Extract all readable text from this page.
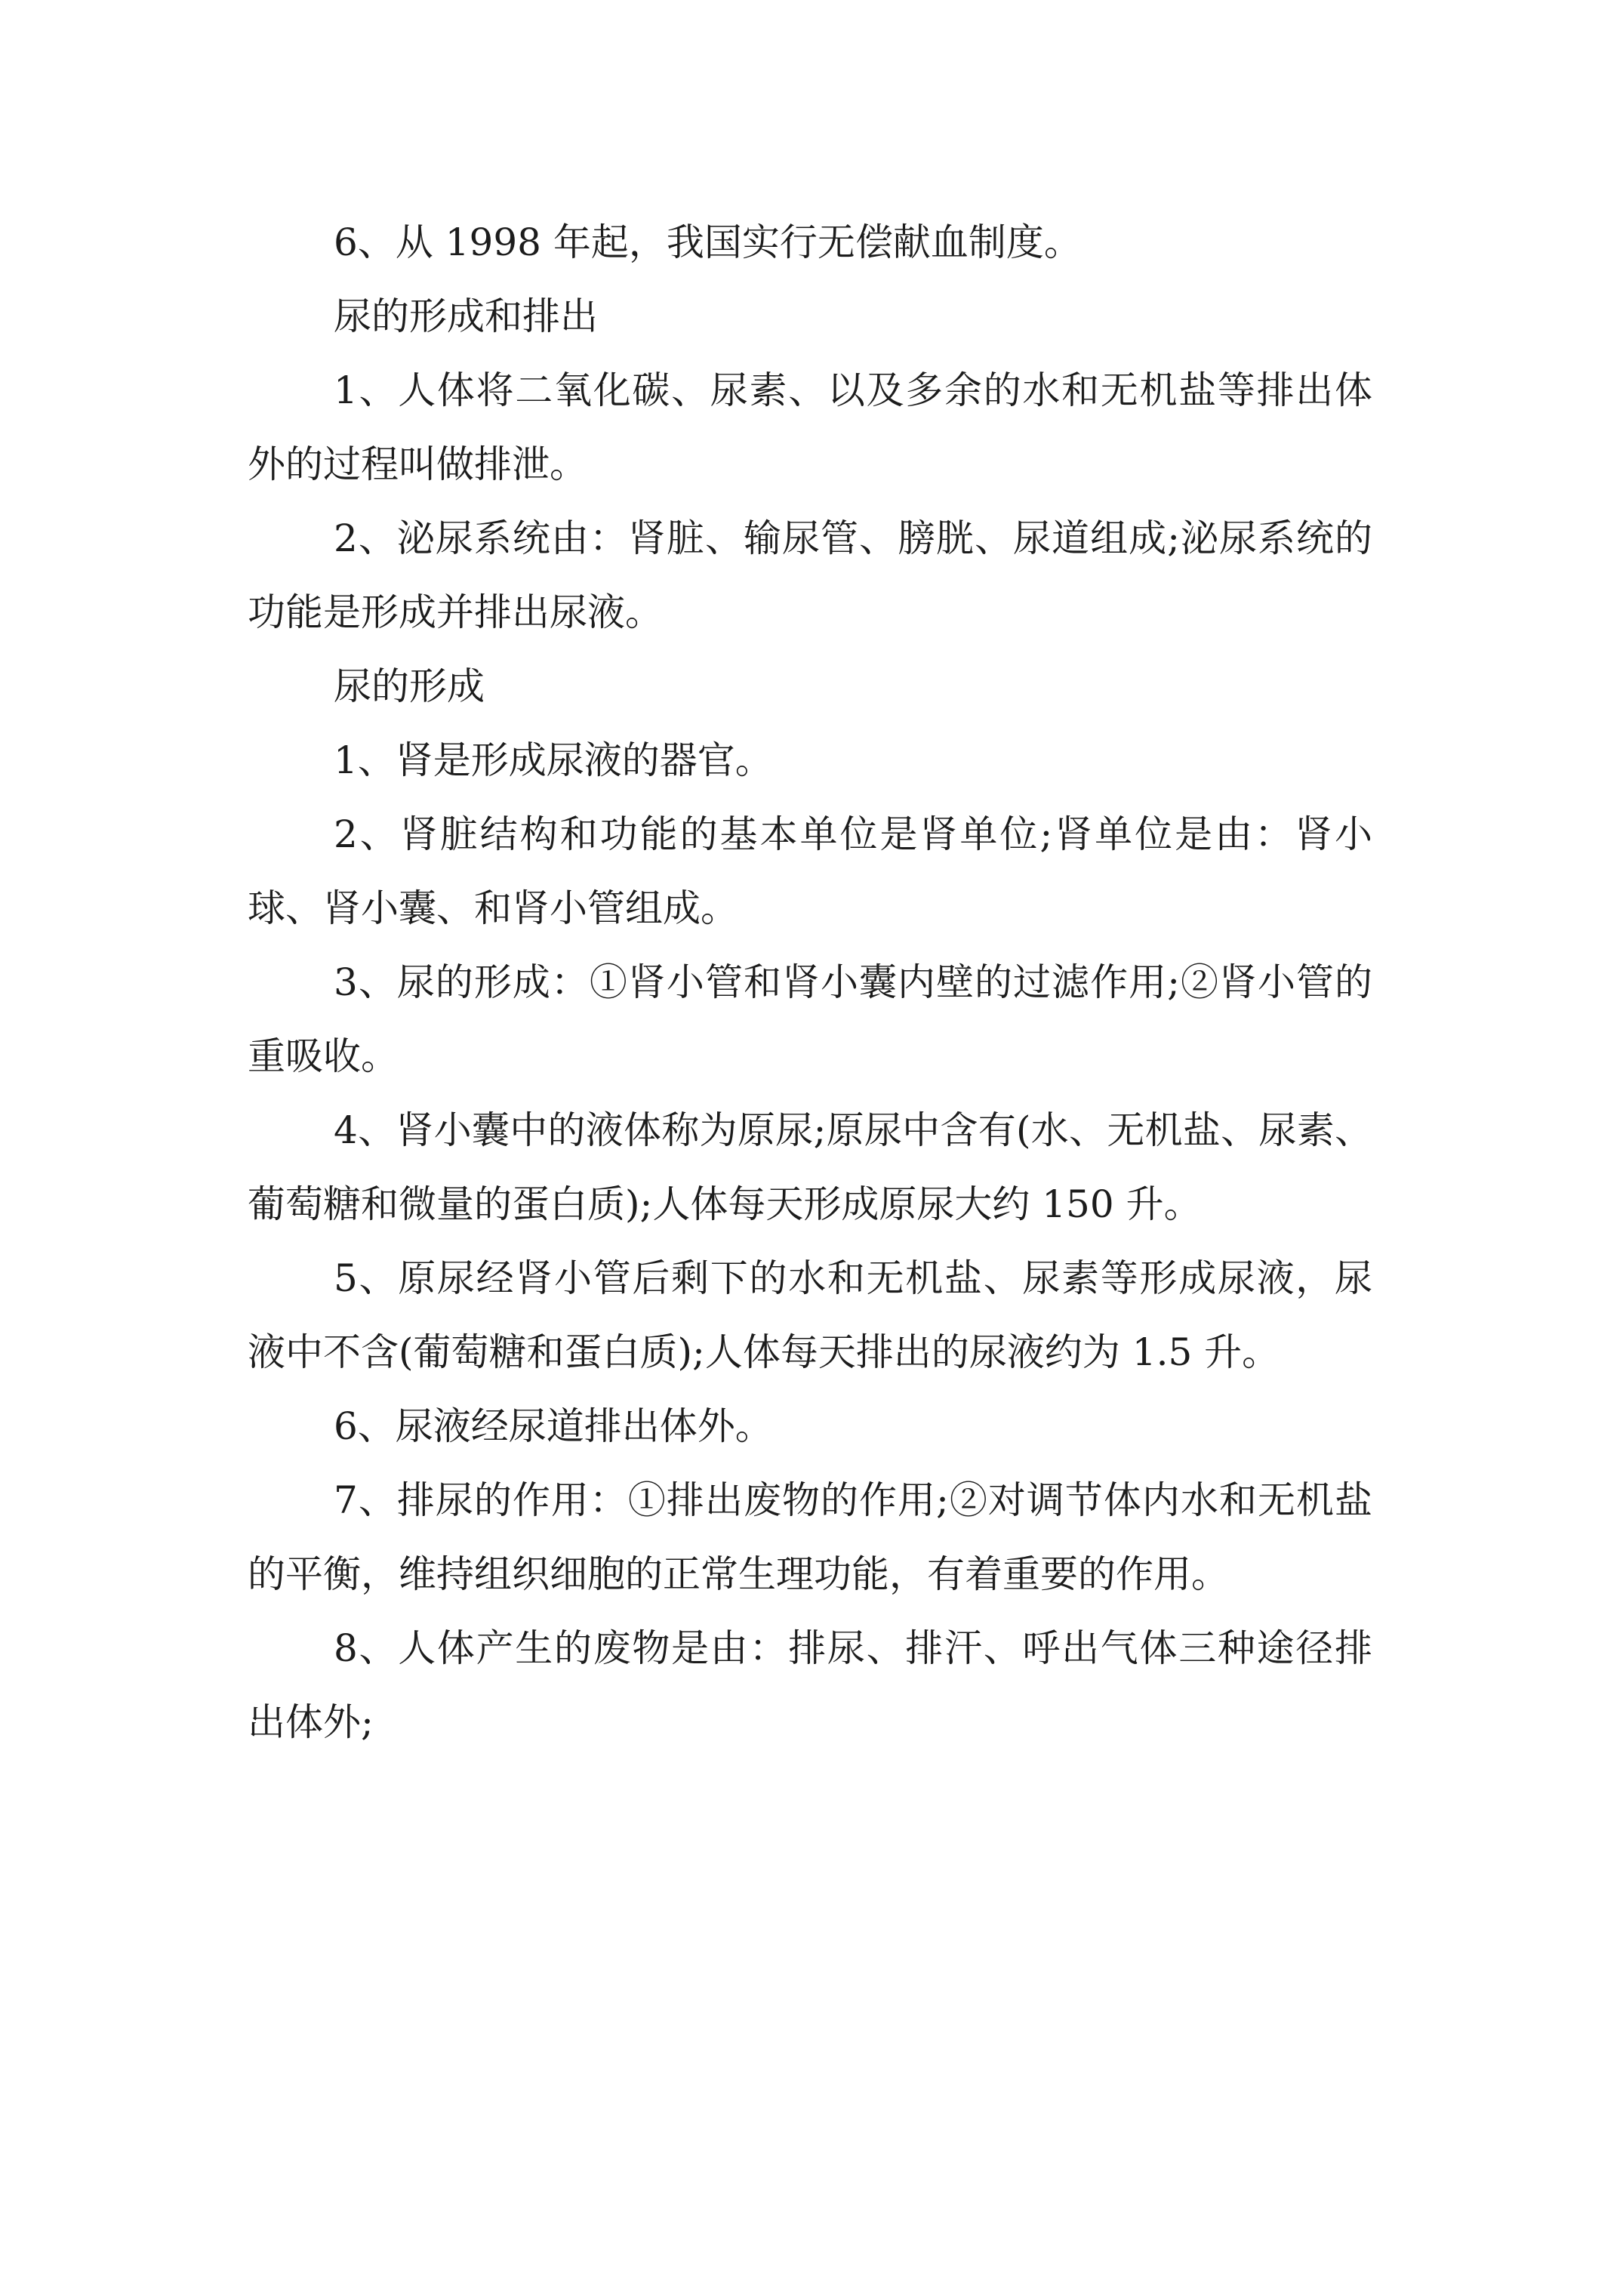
6、从 1998 年起，我国实行无偿献血制度。

尿的形成和排出

1、人体将二氧化碳、尿素、以及多余的水和无机盐等排出体外的过程叫做排泄。

2、泌尿系统由：肾脏、输尿管、膀胱、尿道组成;泌尿系统的功能是形成并排出尿液。

尿的形成

1、肾是形成尿液的器官。

2、肾脏结构和功能的基本单位是肾单位;肾单位是由：肾小球、肾小囊、和肾小管组成。

3、尿的形成：①肾小管和肾小囊内壁的过滤作用;②肾小管的重吸收。

4、肾小囊中的液体称为原尿;原尿中含有(水、无机盐、尿素、葡萄糖和微量的蛋白质);人体每天形成原尿大约 150 升。

5、原尿经肾小管后剩下的水和无机盐、尿素等形成尿液，尿液中不含(葡萄糖和蛋白质);人体每天排出的尿液约为 1.5 升。

6、尿液经尿道排出体外。

7、排尿的作用：①排出废物的作用;②对调节体内水和无机盐的平衡，维持组织细胞的正常生理功能，有着重要的作用。

8、人体产生的废物是由：排尿、排汗、呼出气体三种途径排出体外;
